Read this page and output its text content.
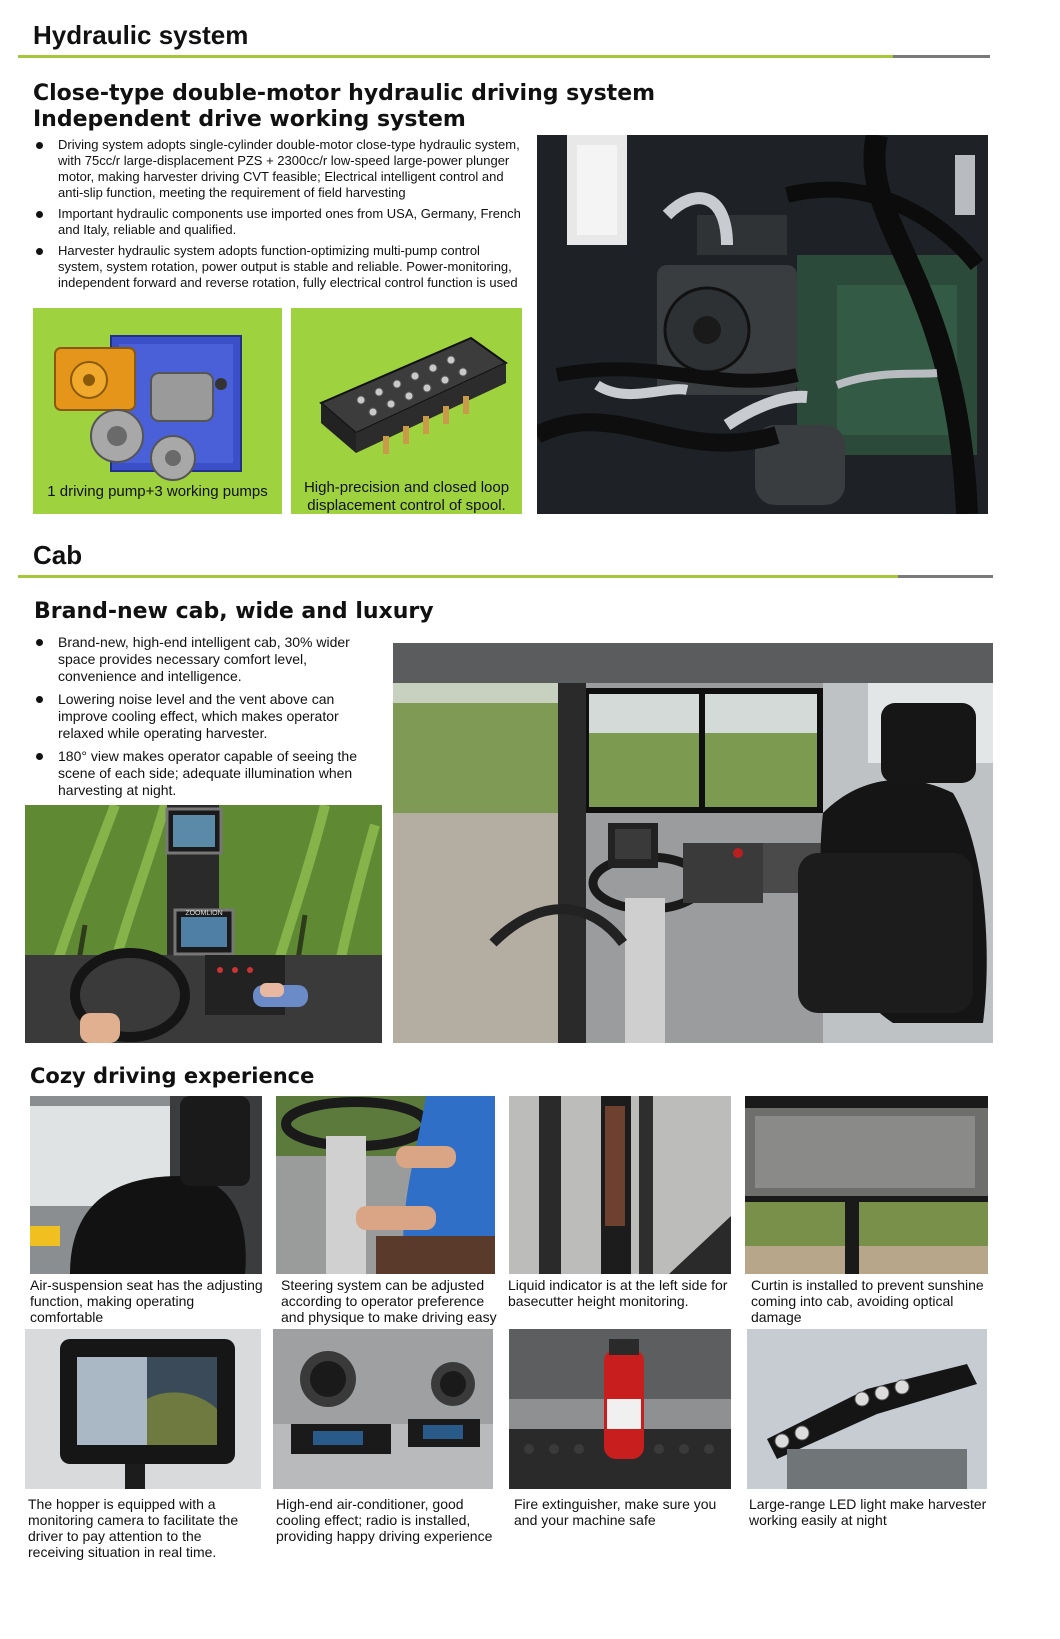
Hydraulic system
Close-type double-motor hydraulic driving system
Independent drive working system
Driving system adopts single-cylinder double-motor close-type hydraulic system, with 75cc/r large-displacement PZS + 2300cc/r low-speed large-power plunger motor, making harvester driving CVT feasible; Electrical intelligent control and anti-slip function, meeting the requirement of field harvesting
Important hydraulic components use imported ones from USA, Germany, French and Italy, reliable and qualified.
Harvester hydraulic system adopts function-optimizing multi-pump control system, system rotation, power output is stable and reliable. Power-monitoring, independent forward and reverse rotation, fully electrical control function is used
1 driving pump+3 working pumps	High-precision and closed loop displacement control of spool.
Cab
Brand-new cab, wide and luxury
Brand-new, high-end intelligent cab, 30% wider space provides necessary comfort level, convenience and intelligence.
Lowering noise level and the vent above can improve cooling effect, which makes operator relaxed while operating harvester.
180° view makes operator capable of seeing the scene of each side; adequate illumination when harvesting at night.
ZOOMLION
Cozy driving experience
Air-suspension seat has the adjusting function, making operating comfortable
Steering system can be adjusted according to operator preference and physique to make driving easy
Liquid indicator is at the left side for basecutter height monitoring.
Curtin is installed to prevent sunshine coming into cab, avoiding optical damage
The hopper is equipped with a monitoring camera to facilitate the driver to pay attention to the receiving situation in real time.
High-end air-conditioner, good cooling effect; radio is installed, providing happy driving experience
Fire extinguisher, make sure you and your machine safe
Large-range LED light make harvester working easily at night
